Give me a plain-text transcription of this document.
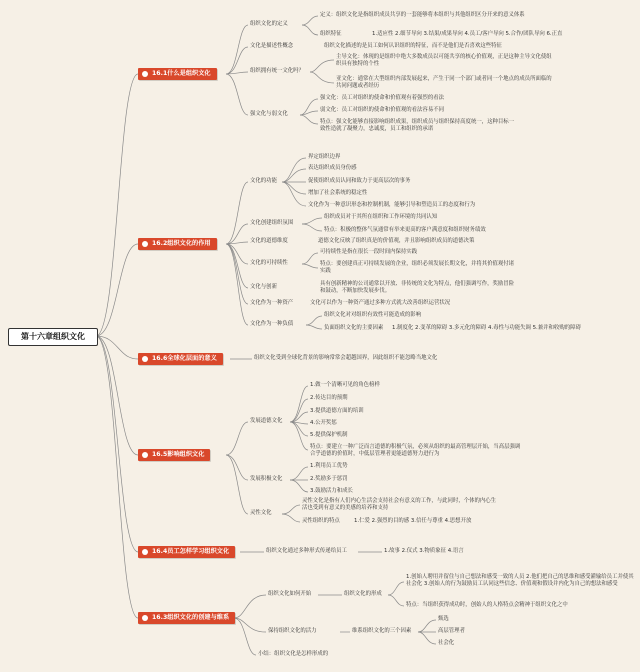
第十六章组织文化
16.1什么是组织文化
16.2组织文化的作用
16.6全球化层面的意义
16.5影响组织文化
16.4员工怎样学习组织文化
16.3组织文化的创建与维系
组织文化的定义
定义： 组织文化是指组织成员共享的一套能够将本组织与其他组织区分开来的意义体系
组织特征	1.适应性 2.细节导向 3.结果/成果导向 4.员工/客户导向 5.合作/团队导向 6.正直
文化是描述性概念	组织文化描述的是员工如何认识组织的特征，而不是他们是否喜欢这些特征
组织拥有统一文化吗？
主导文化：体现的是组织中绝大多数成员以可能共享的核心价值观，正是这种主导文化使组织具有独特的个性
亚文化：通常在大型组织内部发展起来，产生于同一个部门或者同一个地点的成员所面临的共同问题或者经历
强文化与弱文化
强文化：员工对组织的使命和价值观有着强烈的看法
弱文化：员工对组织的使命和价值观的看法容易不同
特点：强文化能够直接影响组织成果，组织成员与组织保持高度统一，这种目标一致性造就了凝聚力，忠诚度，员工和组织的承诺
文化的功能
界定组织边界
表达组织成员身份感
促使组织成员认同和致力于更高层次的事务
增加了社会系统的稳定性
文化作为一种意识形态和控制机制，能够引导和塑造员工的态度和行为
文化创建组织氛围
组织成员对于其所在组织和工作环境的共同认知
特点：积极的整体气氛通常有举来更高的客户满意度和组织财务绩效
文化的道德维度	道德文化反映了组织真是的价值观，并且影响组织成员的道德决策
文化的可持续性
可持续性是指在很长一段时间内保持实践
特点：要创建真正可持续发展的企业，组织必须发展长期文化，并将其价值观付诸实践
文化与创新	具有创新精神的公司通常以开放、非传统的文化为特点，他们强调写作，奖励冒险和鼓动，不断加快发展步伐。
文化作为一种资产	文化可以作为一种资产通过多种方式就大改善组织运营状况
文化作为一种负债
组织文化对对组织有效性可能造成的影响
负面组织文化的主要因素 1.制度化 2.变革的障碍 3.多元化的障碍 4.毒性与功能失调 5.兼并和收购的障碍
组织文化受到全球化背景的影响常常会超越国界，因此组织不能忽略当地文化
发展道德文化
1.做一个清晰可见的角色榜样
2.传达目的预期
3.提供道德方面的培训
4.公开奖惩
5.提供保护机制
特点：要建立一种广泛而言道德的积极气氛，必须从组织的最高管理层开始，当高层强调合乎道德的价值时，中低层管理者更能道德努力进行为
发展积极文化
1.利用员工优势
2.奖励多于惩罚
3.鼓励活力和成长
灵性文化
灵性文化是指有人们内心生活会支持社会有意义的工作，与此同时，个体的内心生活也受到有意义的美感的培养和支持
灵性组织的特点	1.仁爱 2.强烈的目的感 3.信任与尊重 4.思想开放
组织文化通过多种形式传递给员工	1.故事 2.仪式 3.物质象征 4.语言
组织文化如何开始	组织文化的形成
1.创始人聘用并留住与自己想法和感受一致的人员 2.他们把自己的思维和感受灌输给员工并使其社会化 3.创始人的行为鼓励员工认同这些信念、价值观和假设并内化为自己的想法和感受
特点：当组织获得成功时，创始人的人格特点会精神于组织文化之中
保持组织文化的活力	维系组织文化的三个因素
甄选
高层管理者
社会化
小结：组织文化是怎样形成的
